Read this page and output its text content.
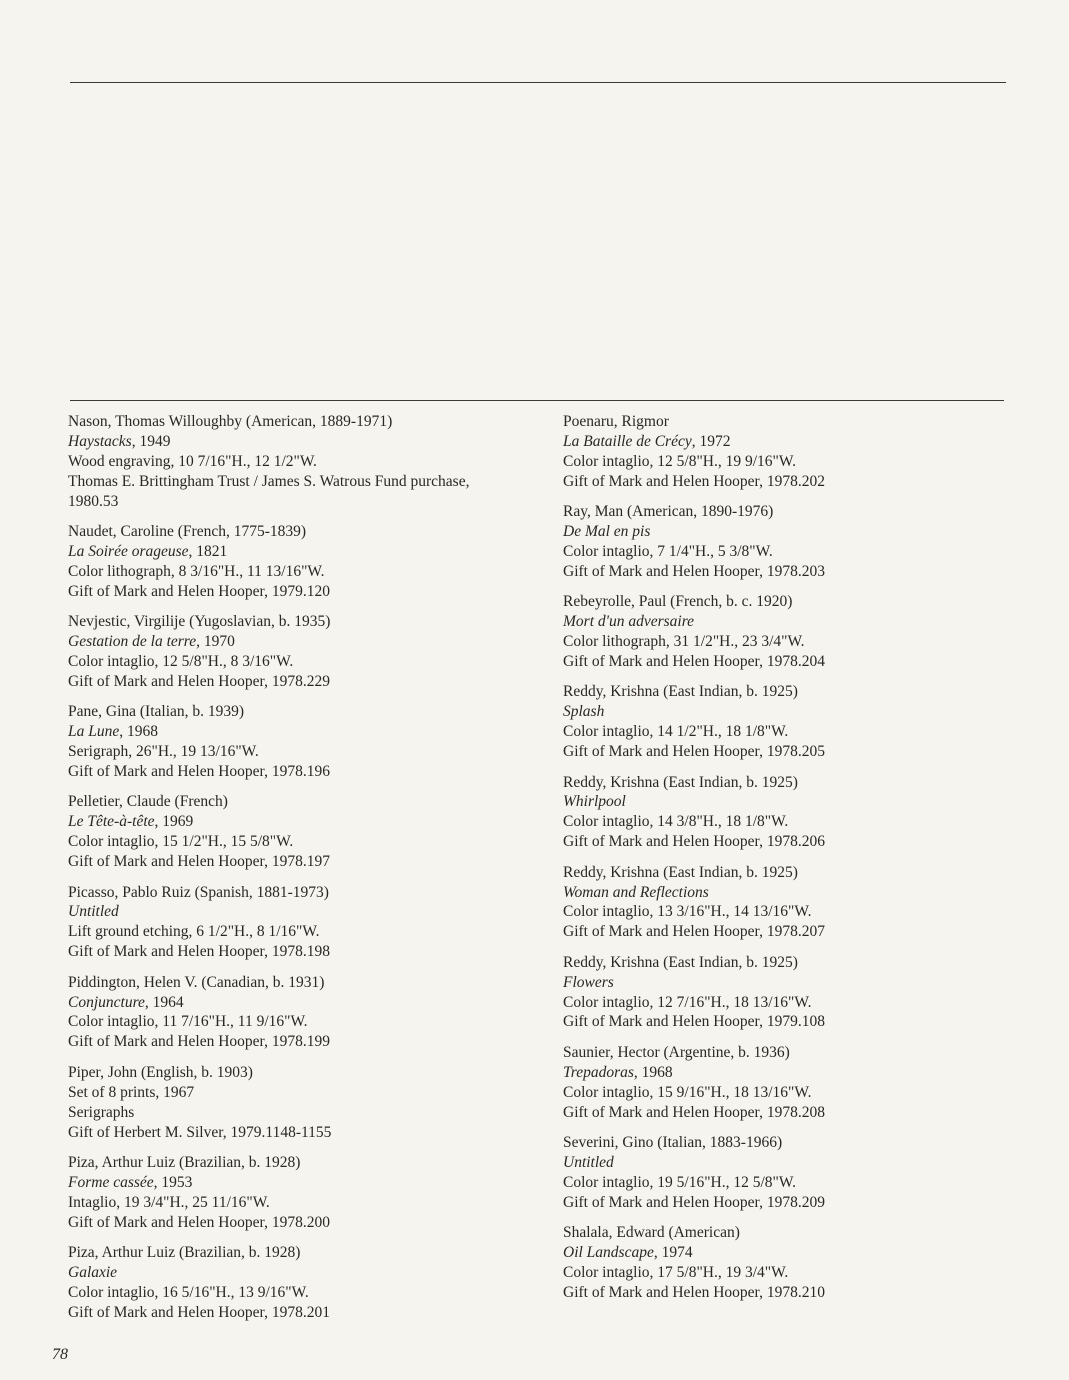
Nason, Thomas Willoughby (American, 1889-1971)
Haystacks, 1949
Wood engraving, 10 7/16"H., 12 1/2"W.
Thomas E. Brittingham Trust / James S. Watrous Fund purchase,
1980.53
Naudet, Caroline (French, 1775-1839)
La Soirée orageuse, 1821
Color lithograph, 8 3/16"H., 11 13/16"W.
Gift of Mark and Helen Hooper, 1979.120
Nevjestic, Virgilije (Yugoslavian, b. 1935)
Gestation de la terre, 1970
Color intaglio, 12 5/8"H., 8 3/16"W.
Gift of Mark and Helen Hooper, 1978.229
Pane, Gina (Italian, b. 1939)
La Lune, 1968
Serigraph, 26"H., 19 13/16"W.
Gift of Mark and Helen Hooper, 1978.196
Pelletier, Claude (French)
Le Tête-à-tête, 1969
Color intaglio, 15 1/2"H., 15 5/8"W.
Gift of Mark and Helen Hooper, 1978.197
Picasso, Pablo Ruiz (Spanish, 1881-1973)
Untitled
Lift ground etching, 6 1/2"H., 8 1/16"W.
Gift of Mark and Helen Hooper, 1978.198
Piddington, Helen V. (Canadian, b. 1931)
Conjuncture, 1964
Color intaglio, 11 7/16"H., 11 9/16"W.
Gift of Mark and Helen Hooper, 1978.199
Piper, John (English, b. 1903)
Set of 8 prints, 1967
Serigraphs
Gift of Herbert M. Silver, 1979.1148-1155
Piza, Arthur Luiz (Brazilian, b. 1928)
Forme cassée, 1953
Intaglio, 19 3/4"H., 25 11/16"W.
Gift of Mark and Helen Hooper, 1978.200
Piza, Arthur Luiz (Brazilian, b. 1928)
Galaxie
Color intaglio, 16 5/16"H., 13 9/16"W.
Gift of Mark and Helen Hooper, 1978.201
Poenaru, Rigmor
La Bataille de Crécy, 1972
Color intaglio, 12 5/8"H., 19 9/16"W.
Gift of Mark and Helen Hooper, 1978.202
Ray, Man (American, 1890-1976)
De Mal en pis
Color intaglio, 7 1/4"H., 5 3/8"W.
Gift of Mark and Helen Hooper, 1978.203
Rebeyrolle, Paul (French, b. c. 1920)
Mort d'un adversaire
Color lithograph, 31 1/2"H., 23 3/4"W.
Gift of Mark and Helen Hooper, 1978.204
Reddy, Krishna (East Indian, b. 1925)
Splash
Color intaglio, 14 1/2"H., 18 1/8"W.
Gift of Mark and Helen Hooper, 1978.205
Reddy, Krishna (East Indian, b. 1925)
Whirlpool
Color intaglio, 14 3/8"H., 18 1/8"W.
Gift of Mark and Helen Hooper, 1978.206
Reddy, Krishna (East Indian, b. 1925)
Woman and Reflections
Color intaglio, 13 3/16"H., 14 13/16"W.
Gift of Mark and Helen Hooper, 1978.207
Reddy, Krishna (East Indian, b. 1925)
Flowers
Color intaglio, 12 7/16"H., 18 13/16"W.
Gift of Mark and Helen Hooper, 1979.108
Saunier, Hector (Argentine, b. 1936)
Trepadoras, 1968
Color intaglio, 15 9/16"H., 18 13/16"W.
Gift of Mark and Helen Hooper, 1978.208
Severini, Gino (Italian, 1883-1966)
Untitled
Color intaglio, 19 5/16"H., 12 5/8"W.
Gift of Mark and Helen Hooper, 1978.209
Shalala, Edward (American)
Oil Landscape, 1974
Color intaglio, 17 5/8"H., 19 3/4"W.
Gift of Mark and Helen Hooper, 1978.210
78
